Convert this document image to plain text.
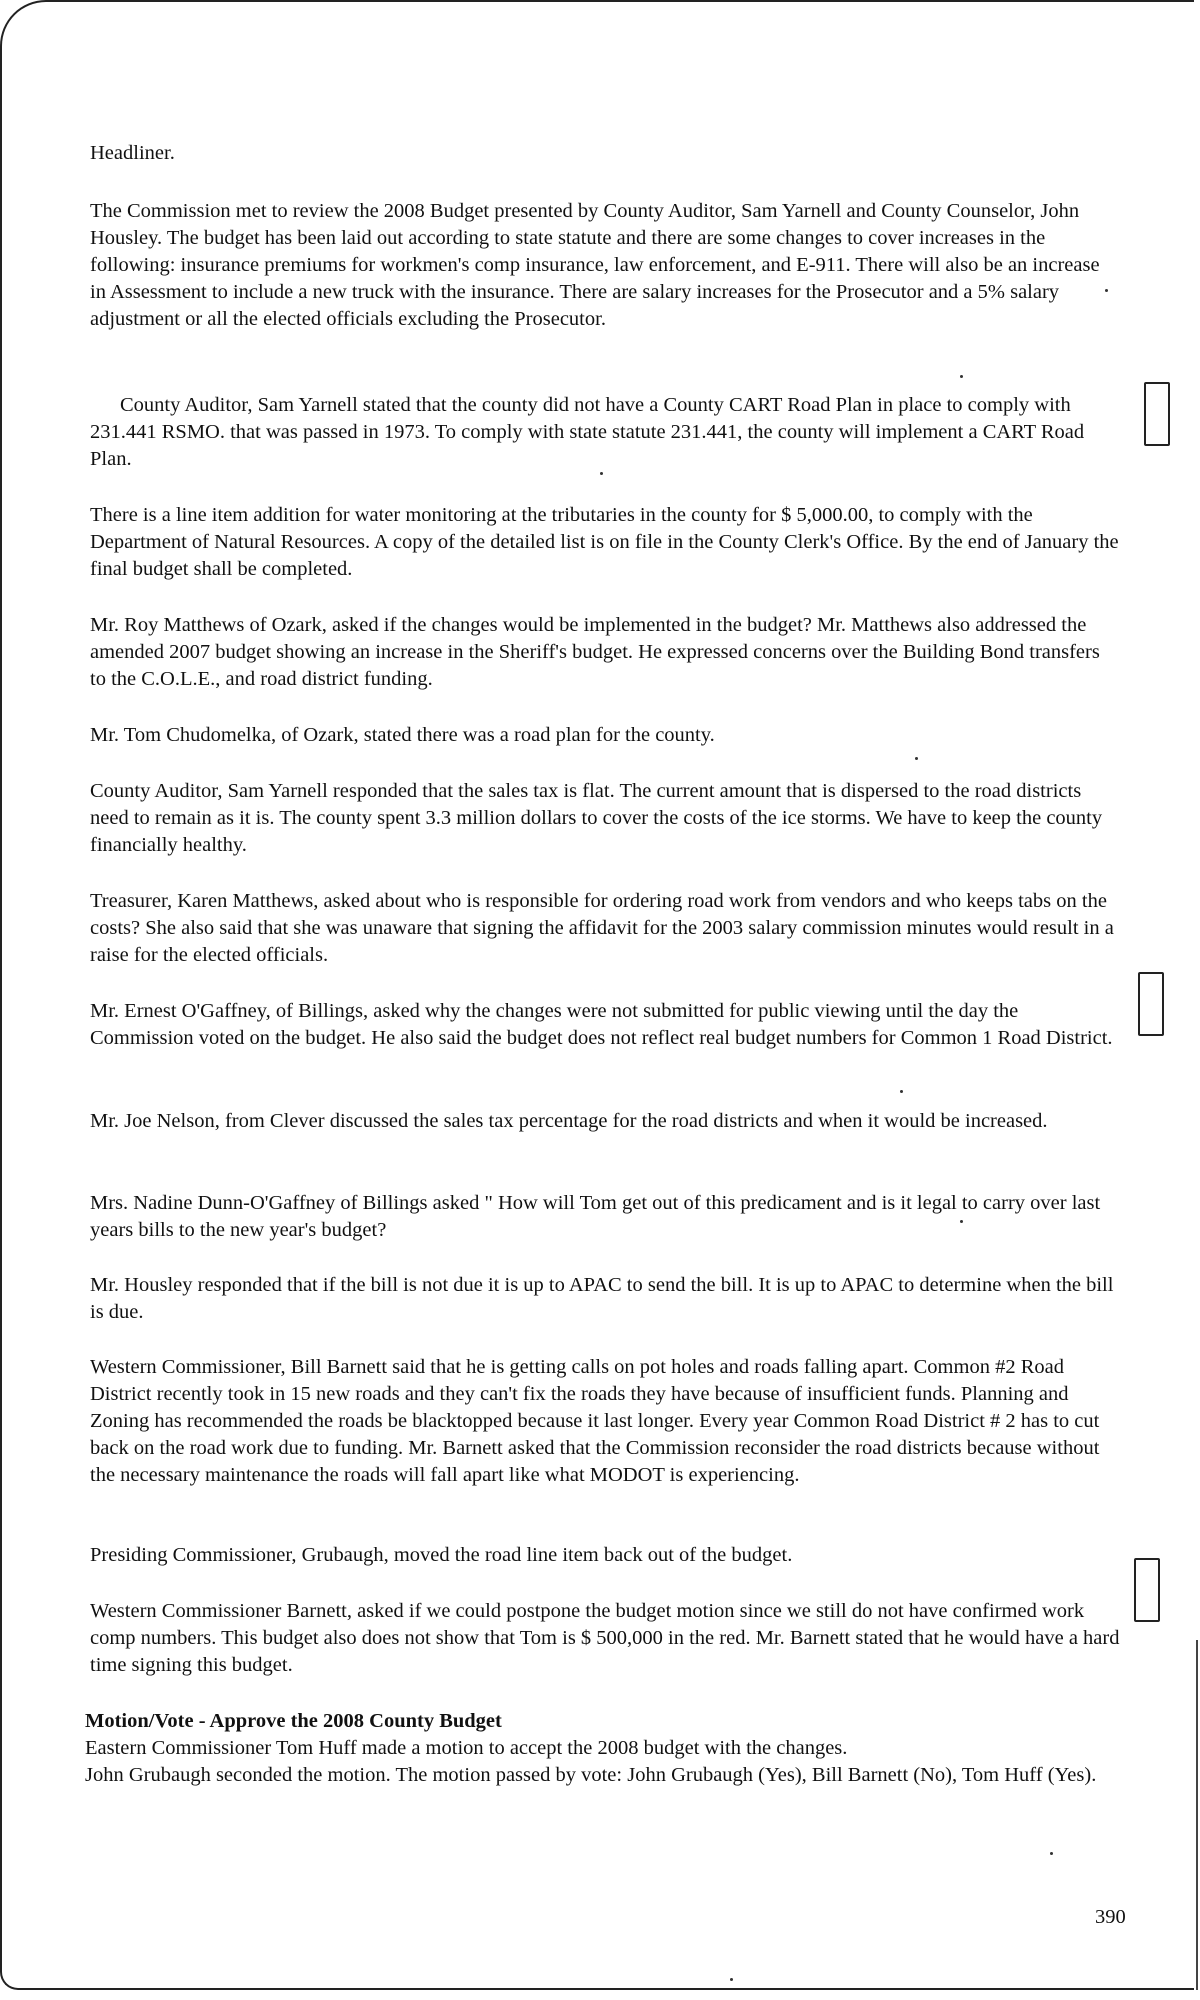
Headliner.

The Commission met to review the 2008 Budget presented by County Auditor, Sam Yarnell and County Counselor, John Housley. The budget has been laid out according to state statute and there are some changes to cover increases in the following: insurance premiums for workmen's comp insurance, law enforcement, and E-911. There will also be an increase in Assessment to include a new truck with the insurance. There are salary increases for the Prosecutor and a 5% salary adjustment or all the elected officials excluding the Prosecutor.

County Auditor, Sam Yarnell stated that the county did not have a County CART Road Plan in place to comply with 231.441 RSMO. that was passed in 1973. To comply with state statute 231.441, the county will implement a CART Road Plan.

There is a line item addition for water monitoring at the tributaries in the county for $ 5,000.00, to comply with the Department of Natural Resources. A copy of the detailed list is on file in the County Clerk's Office. By the end of January the final budget shall be completed.

Mr. Roy Matthews of Ozark, asked if the changes would be implemented in the budget? Mr. Matthews also addressed the amended 2007 budget showing an increase in the Sheriff's budget. He expressed concerns over the Building Bond transfers to the C.O.L.E., and road district funding.

Mr. Tom Chudomelka, of Ozark, stated there was a road plan for the county.

County Auditor, Sam Yarnell responded that the sales tax is flat. The current amount that is dispersed to the road districts need to remain as it is. The county spent 3.3 million dollars to cover the costs of the ice storms. We have to keep the county financially healthy.

Treasurer, Karen Matthews, asked about who is responsible for ordering road work from vendors and who keeps tabs on the costs? She also said that she was unaware that signing the affidavit for the 2003 salary commission minutes would result in a raise for the elected officials.

Mr. Ernest O'Gaffney, of Billings, asked why the changes were not submitted for public viewing until the day the Commission voted on the budget. He also said the budget does not reflect real budget numbers for Common 1 Road District.

Mr. Joe Nelson, from Clever discussed the sales tax percentage for the road districts and when it would be increased.

Mrs. Nadine Dunn-O'Gaffney of Billings asked " How will Tom get out of this predicament and is it legal to carry over last years bills to the new year's budget?

Mr. Housley responded that if the bill is not due it is up to APAC to send the bill. It is up to APAC to determine when the bill is due.

Western Commissioner, Bill Barnett said that he is getting calls on pot holes and roads falling apart. Common #2 Road District recently took in 15 new roads and they can't fix the roads they have because of insufficient funds. Planning and Zoning has recommended the roads be blacktopped because it last longer. Every year Common Road District # 2 has to cut back on the road work due to funding. Mr. Barnett asked that the Commission reconsider the road districts because without the necessary maintenance the roads will fall apart like what MODOT is experiencing.

Presiding Commissioner, Grubaugh, moved the road line item back out of the budget.

Western Commissioner Barnett, asked if we could postpone the budget motion since we still do not have confirmed work comp numbers. This budget also does not show that Tom is $ 500,000 in the red. Mr. Barnett stated that he would have a hard time signing this budget.

Motion/Vote - Approve the 2008 County Budget

Eastern Commissioner Tom Huff made a motion to accept the 2008 budget with the changes.

John Grubaugh seconded the motion. The motion passed by vote: John Grubaugh (Yes), Bill Barnett (No), Tom Huff (Yes).

390
